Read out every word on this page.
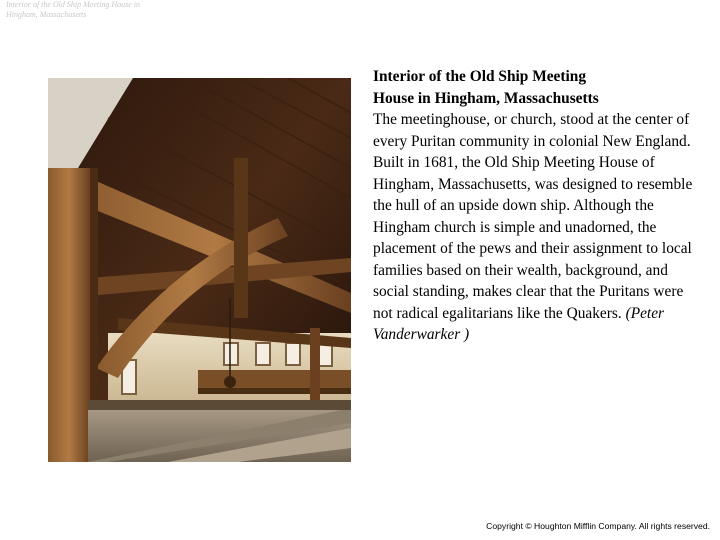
Interior of the Old Ship Meeting House in
Hingham, Massachusetts
Interior of the Old Ship Meeting
House in Hingham, Massachusetts
The meetinghouse, or church, stood at the center of every Puritan community in colonial New England. Built in 1681, the Old Ship Meeting House of Hingham, Massachusetts, was designed to resemble the hull of an upside down ship. Although the Hingham church is simple and unadorned, the placement of the pews and their assignment to local families based on their wealth, background, and social standing, makes clear that the Puritans were not radical egalitarians like the Quakers. (Peter Vanderwarker )
Copyright © Houghton Mifflin Company. All rights reserved.
